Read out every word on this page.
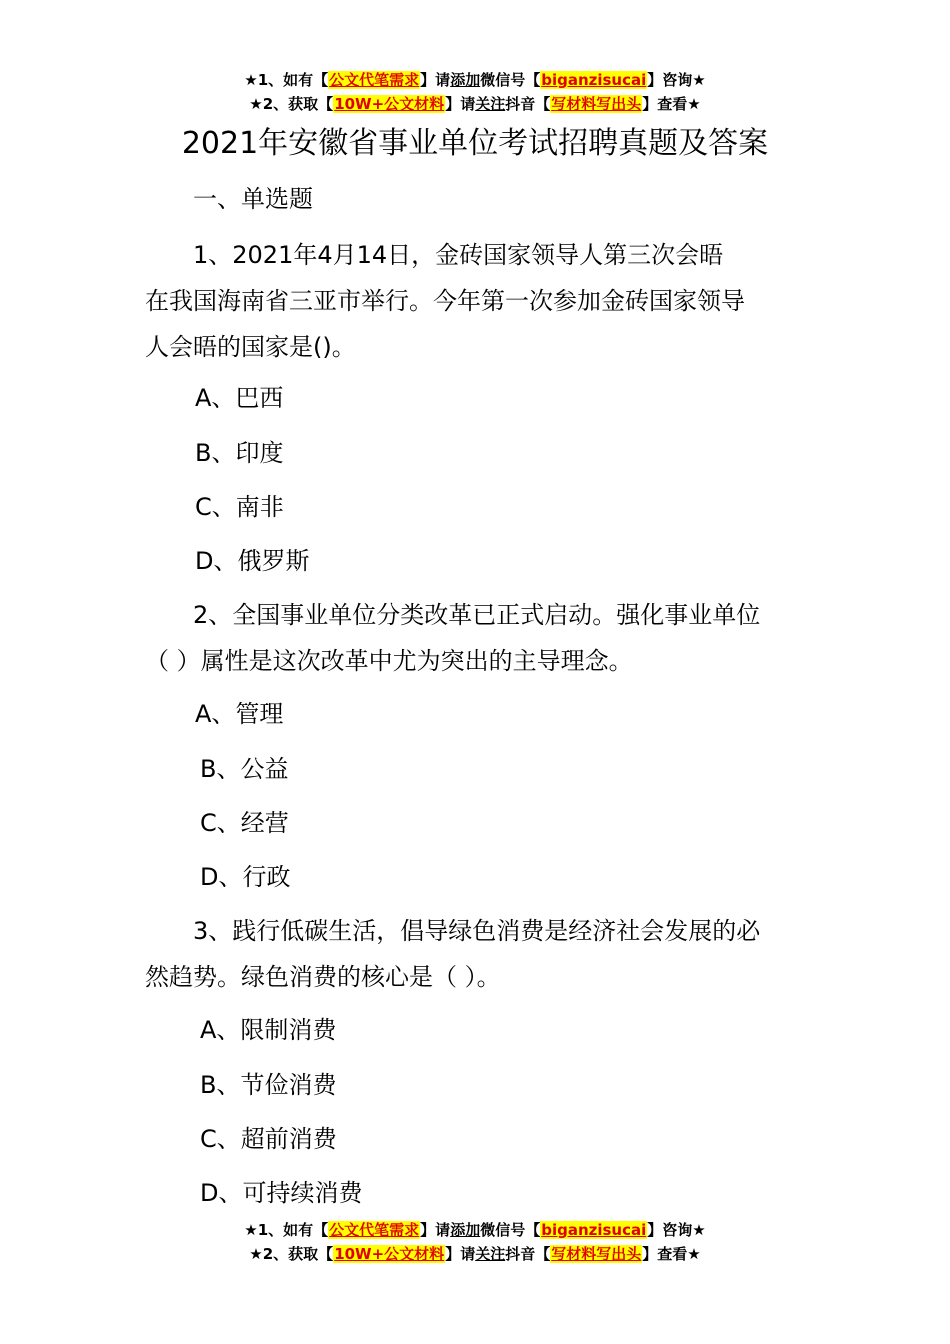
★1、如有【公文代笔需求】请添加微信号【biganzisucai】咨询★
★2、获取【10W+公文材料】请关注抖音【写材料写出头】查看★
2021年安徽省事业单位考试招聘真题及答案
一、单选题
1、2021年4月14日，金砖国家领导人第三次会晤
在我国海南省三亚市举行。今年第一次参加金砖国家领导
人会晤的国家是()。
A、巴西
B、印度
C、南非
D、俄罗斯
2、全国事业单位分类改革已正式启动。强化事业单位
（ ）属性是这次改革中尤为突出的主导理念。
A、管理
B、公益
C、经营
D、行政
3、践行低碳生活，倡导绿色消费是经济社会发展的必
然趋势。绿色消费的核心是（ ）。
A、限制消费
B、节俭消费
C、超前消费
D、可持续消费
★1、如有【公文代笔需求】请添加微信号【biganzisucai】咨询★
★2、获取【10W+公文材料】请关注抖音【写材料写出头】查看★
